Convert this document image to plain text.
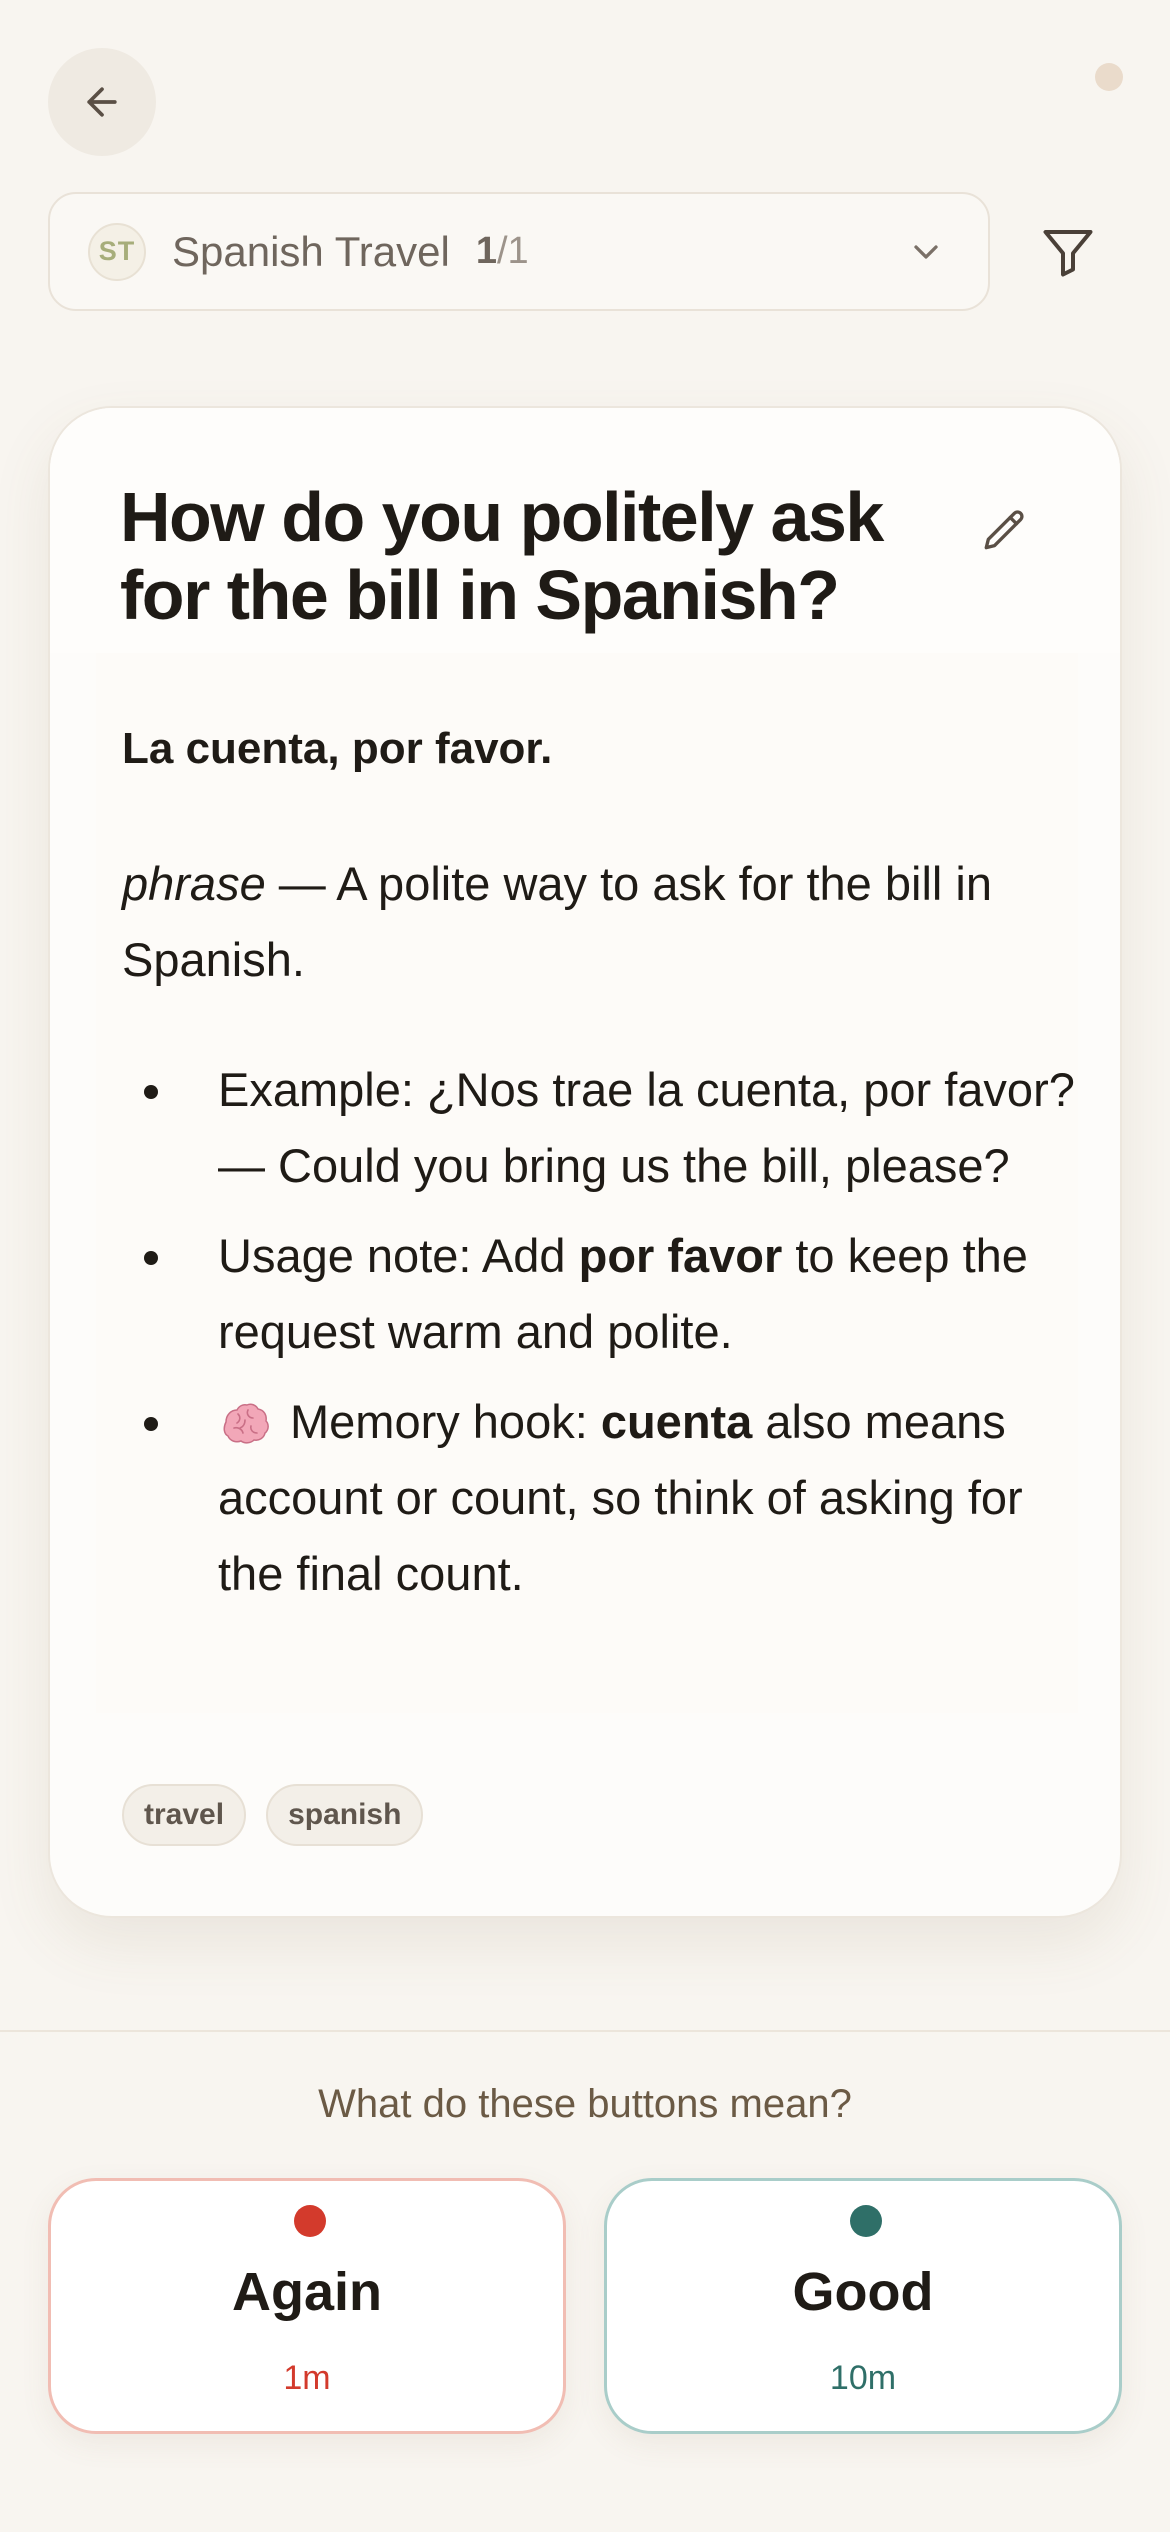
ST Spanish Travel 1/1
How do you politely ask for the bill in Spanish?
La cuenta, por favor.
phrase — A polite way to ask for the bill in Spanish.
Example: ¿Nos trae la cuenta, por favor? — Could you bring us the bill, please?
Usage note: Add por favor to keep the request warm and polite.
Memory hook: cuenta also means account or count, so think of asking for the final count.
travel	spanish
What do these buttons mean?
Again
1m
Good
10m
